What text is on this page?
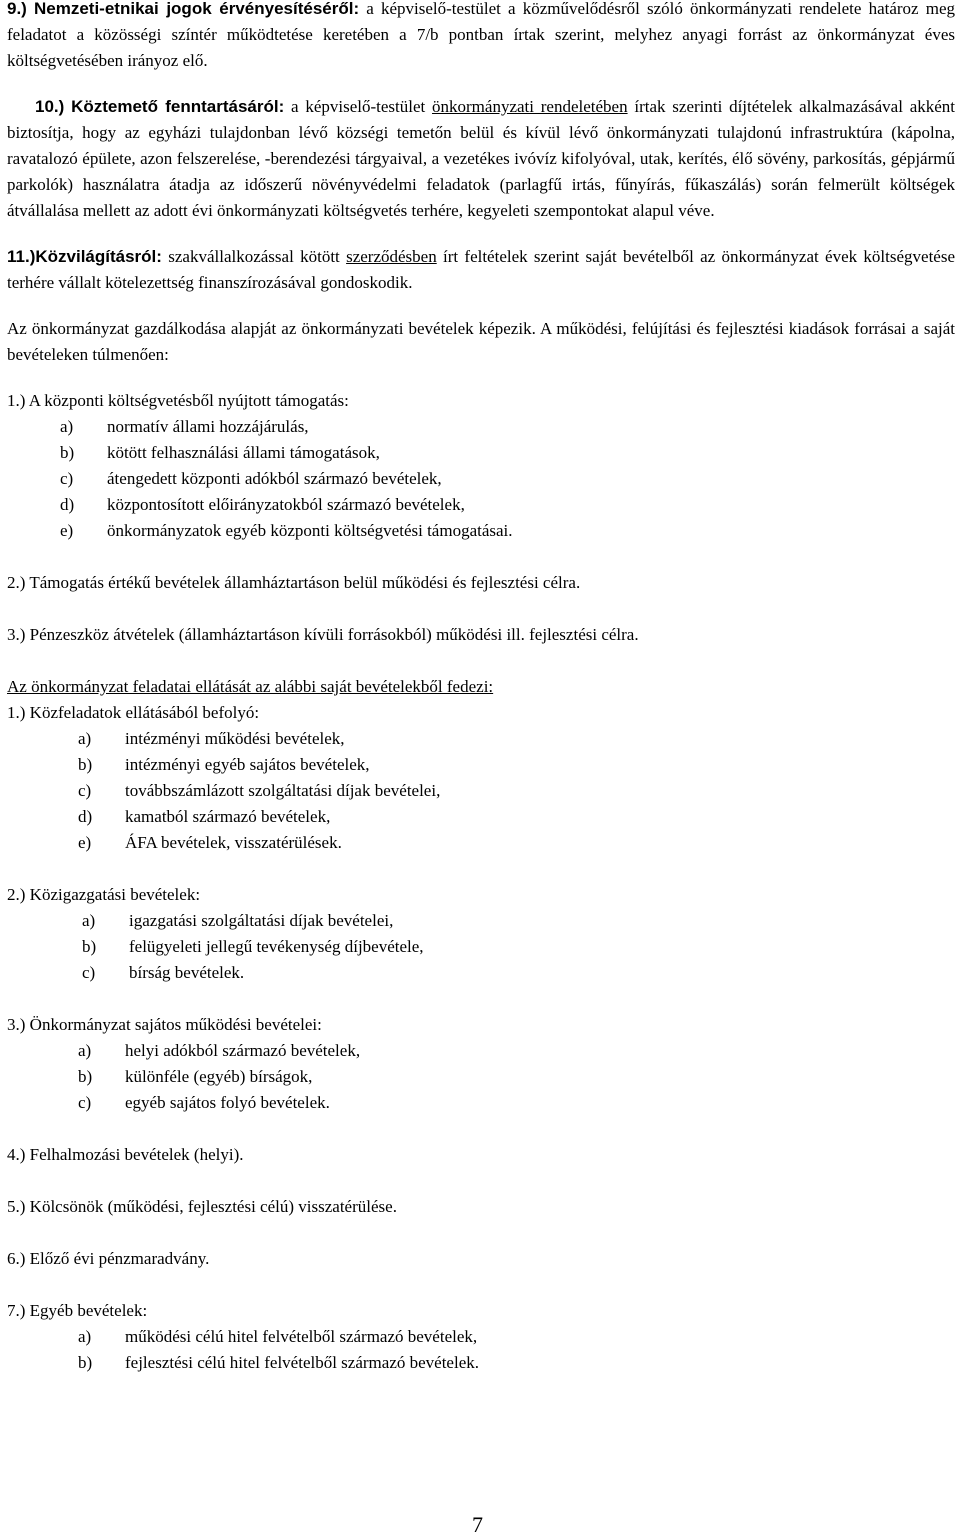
9.) Nemzeti-etnikai jogok érvényesítéséről: a képviselő-testület a közművelődésről szóló önkormányzati rendelete határoz meg feladatot a közösségi színtér működtetése keretében a 7/b pontban írtak szerint, melyhez anyagi forrást az önkormányzat éves költségvetésében irányoz elő.

10.) Köztemető fenntartásáról: a képviselő-testület önkormányzati rendeletében írtak szerinti díjtételek alkalmazásával akként biztosítja, hogy az egyházi tulajdonban lévő községi temetőn belül és kívül lévő önkormányzati tulajdonú infrastruktúra (kápolna, ravatalozó épülete, azon felszerelése, -berendezési tárgyaival, a vezetékes ivóvíz kifolyóval, utak, kerítés, élő sövény, parkosítás, gépjármű parkolók) használatra átadja az időszerű növényvédelmi feladatok (parlagfű irtás, fűnyírás, fűkaszálás) során felmerült költségek átvállalása mellett az adott évi önkormányzati költségvetés terhére, kegyeleti szempontokat alapul véve.

11.)Közvilágításról: szakvállalkozással kötött szerződésben írt feltételek szerint saját bevételből az önkormányzat évek költségvetése terhére vállalt kötelezettség finanszírozásával gondoskodik.

Az önkormányzat gazdálkodása alapját az önkormányzati bevételek képezik. A működési, felújítási és fejlesztési kiadások forrásai a saját bevételeken túlmenően:

1.) A központi költségvetésből nyújtott támogatás:

a)	normatív állami hozzájárulás,

b)	kötött felhasználási állami támogatások,

c)	átengedett központi adókból származó bevételek,

d)	központosított előirányzatokból származó bevételek,

e)	önkormányzatok egyéb központi költségvetési támogatásai.

2.) Támogatás értékű bevételek államháztartáson belül működési és fejlesztési célra.

3.) Pénzeszköz átvételek (államháztartáson kívüli forrásokból) működési ill. fejlesztési célra.

Az önkormányzat feladatai ellátását az alábbi saját bevételekből fedezi:

1.) Közfeladatok ellátásából befolyó:

a)	intézményi működési bevételek,

b)	intézményi egyéb sajátos bevételek,

c)	továbbszámlázott szolgáltatási díjak bevételei,

d)	kamatból származó bevételek,

e)	ÁFA bevételek, visszatérülések.

2.) Közigazgatási bevételek:

a)	igazgatási szolgáltatási díjak bevételei,

b)	felügyeleti jellegű tevékenység díjbevétele,

c)	bírság bevételek.

3.) Önkormányzat sajátos működési bevételei:

a)	helyi adókból származó bevételek,

b)	különféle (egyéb) bírságok,

c)	egyéb sajátos folyó bevételek.

4.) Felhalmozási bevételek (helyi).

5.) Kölcsönök (működési, fejlesztési célú) visszatérülése.

6.) Előző évi pénzmaradvány.

7.) Egyéb bevételek:

a)	működési célú hitel felvételből származó bevételek,

b)	fejlesztési célú hitel felvételből származó bevételek.

7
